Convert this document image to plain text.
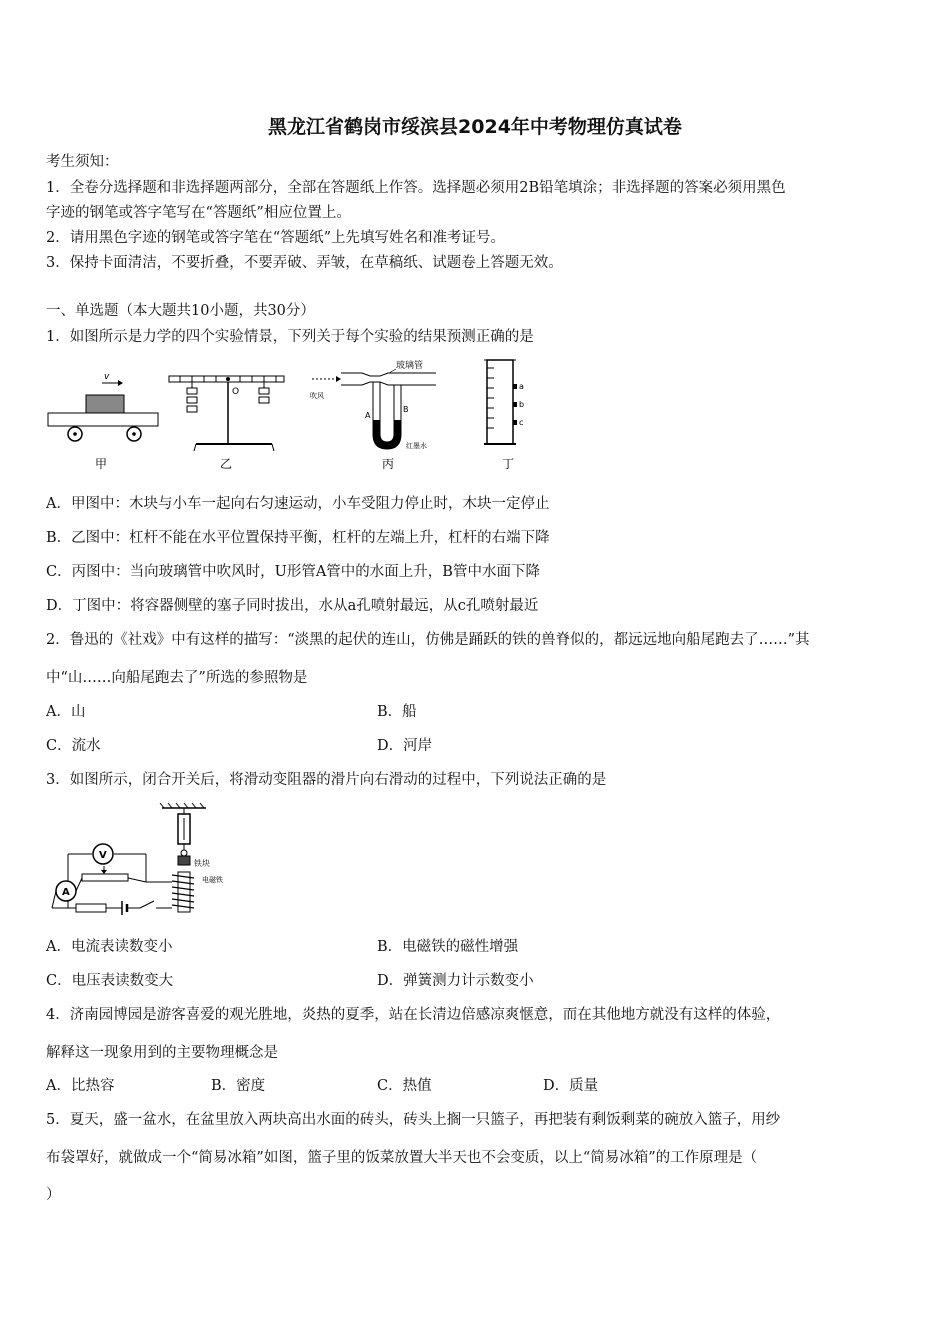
黑龙江省鹤岗市绥滨县2024年中考物理仿真试卷
考生须知：
1．全卷分选择题和非选择题两部分，全部在答题纸上作答。选择题必须用2B铅笔填涂；非选择题的答案必须用黑色
字迹的钢笔或答字笔写在“答题纸”相应位置上。
2．请用黑色字迹的钢笔或答字笔在“答题纸”上先填写姓名和准考证号。
3．保持卡面清洁，不要折叠，不要弄破、弄皱，在草稿纸、试题卷上答题无效。
一、单选题（本大题共10小题，共30分）
1．如图所示是力学的四个实验情景，下列关于每个实验的结果预测正确的是
v
甲
O
乙
吹风
玻璃管
A
B
红墨水
丙
a
b
c
丁
A．甲图中：木块与小车一起向右匀速运动，小车受阻力停止时，木块一定停止
B．乙图中：杠杆不能在水平位置保持平衡，杠杆的左端上升，杠杆的右端下降
C．丙图中：当向玻璃管中吹风时，U形管A管中的水面上升，B管中水面下降
D．丁图中：将容器侧壁的塞子同时拔出，水从a孔喷射最远，从c孔喷射最近
2．鲁迅的《社戏》中有这样的描写：“淡黑的起伏的连山，仿佛是踊跃的铁的兽脊似的，都远远地向船尾跑去了……”其
中“山……向船尾跑去了”所选的参照物是
A．山	B．船
C．流水	D．河岸
3．如图所示，闭合开关后，将滑动变阻器的滑片向右滑动的过程中，下列说法正确的是
铁块
电磁铁
V
A
A．电流表读数变小	B．电磁铁的磁性增强
C．电压表读数变大	D．弹簧测力计示数变小
4．济南园博园是游客喜爱的观光胜地，炎热的夏季，站在长清边倍感凉爽惬意，而在其他地方就没有这样的体验，
解释这一现象用到的主要物理概念是
A．比热容	B．密度	C．热值	D．质量
5．夏天，盛一盆水，在盆里放入两块高出水面的砖头，砖头上搁一只篮子，再把装有剩饭剩菜的碗放入篮子，用纱
布袋罩好，就做成一个“简易冰箱”如图，篮子里的饭菜放置大半天也不会变质，以上“简易冰箱”的工作原理是（
）
